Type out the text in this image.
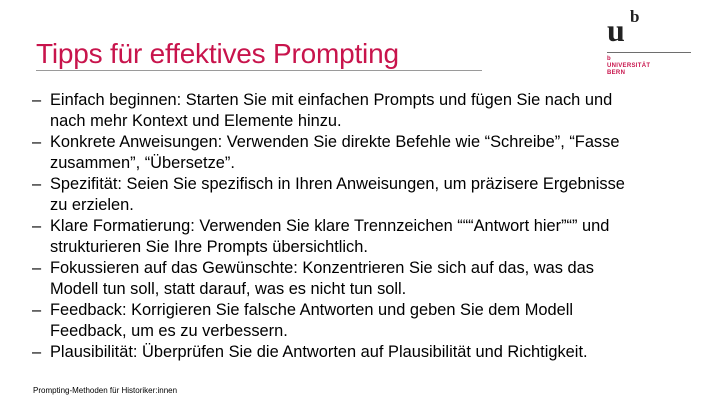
Tipps für effektives Prompting
u b
b
UNIVERSITÄT
BERN
– Einfach beginnen: Starten Sie mit einfachen Prompts und fügen Sie nach und
nach mehr Kontext und Elemente hinzu.
– Konkrete Anweisungen: Verwenden Sie direkte Befehle wie “Schreibe”, “Fasse
zusammen”, “Übersetze”.
– Spezifität: Seien Sie spezifisch in Ihren Anweisungen, um präzisere Ergebnisse
zu erzielen.
– Klare Formatierung: Verwenden Sie klare Trennzeichen “““Antwort hier”“” und
strukturieren Sie Ihre Prompts übersichtlich.
– Fokussieren auf das Gewünschte: Konzentrieren Sie sich auf das, was das
Modell tun soll, statt darauf, was es nicht tun soll.
– Feedback: Korrigieren Sie falsche Antworten und geben Sie dem Modell
Feedback, um es zu verbessern.
– Plausibilität: Überprüfen Sie die Antworten auf Plausibilität und Richtigkeit.
Prompting-Methoden für Historiker:innen
